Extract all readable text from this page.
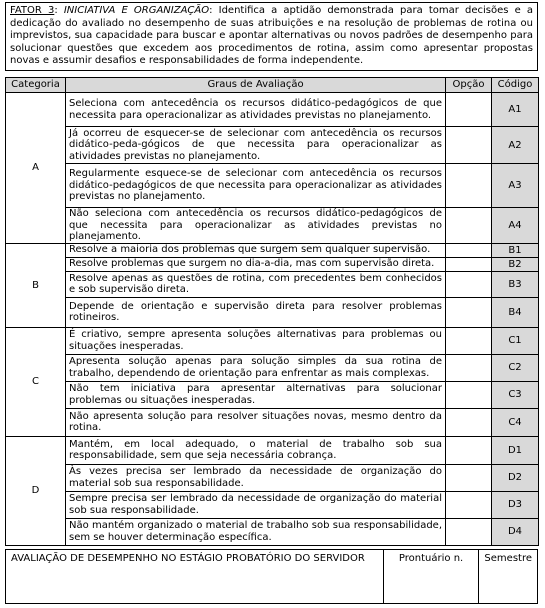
FATOR 3: INICIATIVA E ORGANIZAÇÃO: Identifica a aptidão demonstrada para tomar decisões e a dedicação do avaliado no desempenho de suas atribuições e na resolução de problemas de rotina ou imprevistos, sua capacidade para buscar e apontar alternativas ou novos padrões de desempenho para solucionar questões que excedem aos procedimentos de rotina, assim como apresentar propostas novas e assumir desafios e responsabilidades de forma independente.
Categoria	Graus de Avaliação	Opção	Código
A	Seleciona com antecedência os recursos didático-pedagógicos de que necessita para operacionalizar as atividades previstas no planejamento.		A1
	Já ocorreu de esquecer-se de selecionar com antecedência os recursos didático-peda-gógicos de que necessita para operacionalizar as atividades previstas no planejamento.		A2
	Regularmente esquece-se de selecionar com antecedência os recursos didático-pedagógicos de que necessita para operacionalizar as atividades previstas no planejamento.		A3
	Não seleciona com antecedência os recursos didático-pedagógicos de que necessita para operacionalizar as atividades previstas no planejamento.		A4
B	Resolve a maioria dos problemas que surgem sem qualquer supervisão.		B1
	Resolve problemas que surgem no dia-a-dia, mas com supervisão direta.		B2
	Resolve apenas as questões de rotina, com precedentes bem conhecidos e sob supervisão direta.		B3
	Depende de orientação e supervisão direta para resolver problemas rotineiros.		B4
C	É criativo, sempre apresenta soluções alternativas para problemas ou situações inesperadas.		C1
	Apresenta solução apenas para solução simples da sua rotina de trabalho, dependendo de orientação para enfrentar as mais complexas.		C2
	Não tem iniciativa para apresentar alternativas para solucionar problemas ou situações inesperadas.		C3
	Não apresenta solução para resolver situações novas, mesmo dentro da rotina.		C4
D	Mantém, em local adequado, o material de trabalho sob sua responsabilidade, sem que seja necessária cobrança.		D1
	Às vezes precisa ser lembrado da necessidade de organização do material sob sua responsabilidade.		D2
	Sempre precisa ser lembrado da necessidade de organização do material sob sua responsabilidade.		D3
	Não mantém organizado o material de trabalho sob sua responsabilidade, sem se houver determinação específica.		D4
AVALIAÇÃO DE DESEMPENHO NO ESTÁGIO PROBATÓRIO DO SERVIDOR	Prontuário n.	Semestre
